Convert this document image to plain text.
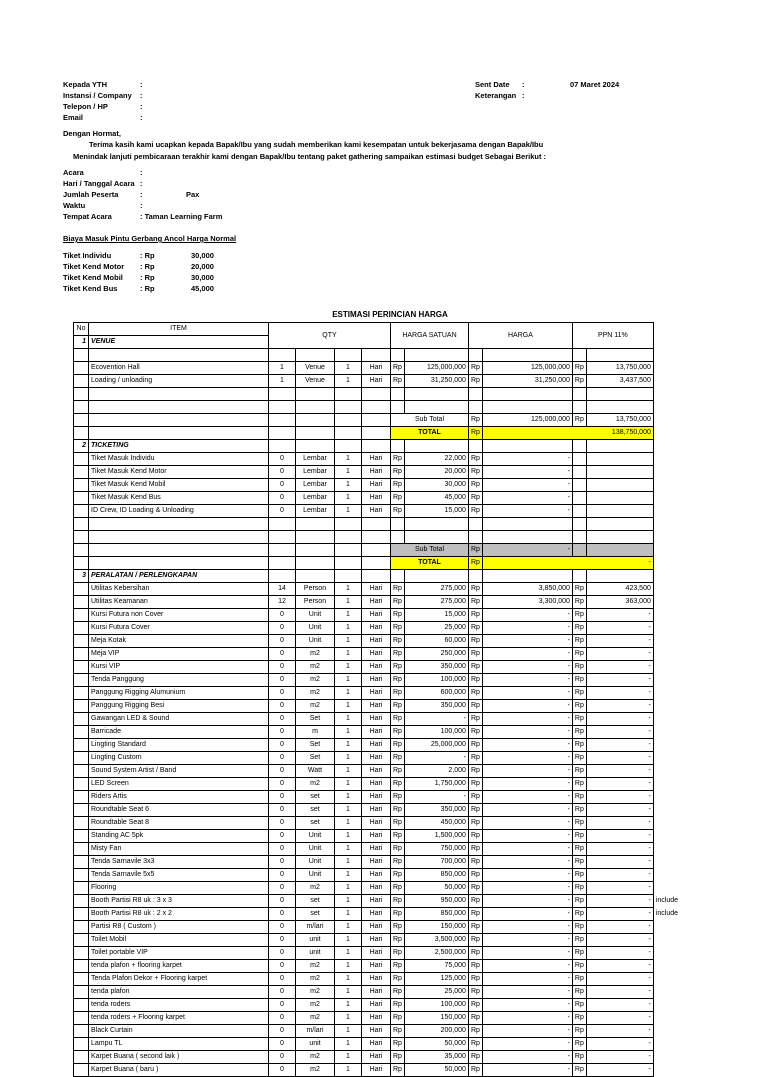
Kepada YTH	:
Instansi / Company :
Telepon / HP	:
Email	:
Sent Date :	07 Maret 2024
Keterangan :
Dengan Hormat,
Terima kasih kami ucapkan kepada Bapak/Ibu yang sudah memberikan kami kesempatan untuk bekerjasama dengan Bapak/Ibu
Menindak lanjuti pembicaraan terakhir kami dengan Bapak/Ibu tentang paket gathering sampaikan estimasi budget Sebagai Berikut :
Acara	:
Hari / Tanggal Acara :
Jumlah Peserta	:	Pax
Waktu	:
Tempat Acara	: Taman Learning Farm
Biaya Masuk Pintu Gerbang Ancol Harga Normal
Tiket Individu	: Rp	30,000
Tiket Kend Motor : Rp	20,000
Tiket Kend Mobil : Rp	30,000
Tiket Kend Bus	: Rp	45,000
ESTIMASI PERINCIAN HARGA
No	ITEM	QTY				HARGA SATUAN		HARGA		PPN 11%		
1	VENUE											

	Ecovention Hall	1	Venue	1	Hari	Rp	125,000,000	Rp	125,000,000	Rp	13,750,000	
	Loading / unloading	1	Venue	1	Hari	Rp	31,250,000	Rp	31,250,000	Rp	3,437,500	

						Sub Total		Rp	125,000,000	Rp	13,750,000	
						TOTAL		Rp	138,750,000			
2	TICKETING											
	Tiket Masuk Individu	0	Lembar	1	Hari	Rp	22,000	Rp	-			
	Tiket Masuk Kend Motor	0	Lembar	1	Hari	Rp	20,000	Rp	-			
	Tiket Masuk Kend Mobil	0	Lembar	1	Hari	Rp	30,000	Rp	-			
	Tiket Masuk Kend Bus	0	Lembar	1	Hari	Rp	45,000	Rp	-			
	ID Crew, ID Loading & Unloading	0	Lembar	1	Hari	Rp	15,000	Rp	-			

						Sub Total		Rp	-			
						TOTAL		Rp	-			
3	PERALATAN / PERLENGKAPAN											
	Utilitas Kebersihan	14	Person	1	Hari	Rp	275,000	Rp	3,850,000	Rp	423,500	
	Utilitas Keamanan	12	Person	1	Hari	Rp	275,000	Rp	3,300,000	Rp	363,000	
	Kursi Futura non Cover	0	Unit	1	Hari	Rp	15,000	Rp	-	Rp	-	
	Kursi Futura Cover	0	Unit	1	Hari	Rp	25,000	Rp	-	Rp	-	
	Meja Kotak	0	Unit	1	Hari	Rp	60,000	Rp	-	Rp	-	
	Meja VIP	0	m2	1	Hari	Rp	250,000	Rp	-	Rp	-	
	Kursi VIP	0	m2	1	Hari	Rp	350,000	Rp	-	Rp	-	
	Tenda Panggung	0	m2	1	Hari	Rp	100,000	Rp	-	Rp	-	
	Panggung Rigging Alumunium	0	m2	1	Hari	Rp	600,000	Rp	-	Rp	-	
	Panggung Rigging Besi	0	m2	1	Hari	Rp	350,000	Rp	-	Rp	-	
	Gawangan LED & Sound	0	Set	1	Hari	Rp	-	Rp	-	Rp	-	
	Barricade	0	m	1	Hari	Rp	100,000	Rp	-	Rp	-	
	Lingting Standard	0	Set	1	Hari	Rp	25,000,000	Rp	-	Rp	-	
	Lingting Custom	0	Set	1	Hari	Rp	-	Rp	-	Rp	-	
	Sound System Artist / Band	0	Watt	1	Hari	Rp	2,000	Rp	-	Rp	-	
	LED Screen	0	m2	1	Hari	Rp	1,750,000	Rp	-	Rp	-	
	Riders Artis	0	set	1	Hari	Rp	-	Rp	-	Rp	-	
	Roundtable Seat 6	0	set	1	Hari	Rp	350,000	Rp	-	Rp	-	
	Roundtable Seat 8	0	set	1	Hari	Rp	450,000	Rp	-	Rp	-	
	Standing AC 5pk	0	Unit	1	Hari	Rp	1,500,000	Rp	-	Rp	-	
	Misty Fan	0	Unit	1	Hari	Rp	750,000	Rp	-	Rp	-	
	Tenda Sarnavile 3x3	0	Unit	1	Hari	Rp	700,000	Rp	-	Rp	-	
	Tenda Sarnavile 5x5	0	Unit	1	Hari	Rp	850,000	Rp	-	Rp	-	
	Flooring	0	m2	1	Hari	Rp	50,000	Rp	-	Rp	-	
	Booth Partisi R8 uk : 3 x 3	0	set	1	Hari	Rp	950,000	Rp	-	Rp	-	include
	Booth Partisi R8 uk : 2 x 2	0	set	1	Hari	Rp	850,000	Rp	-	Rp	-	include
	Partisi R8 ( Custom )	0	m/lari	1	Hari	Rp	150,000	Rp	-	Rp	-	
	Toilet Mobil	0	unit	1	Hari	Rp	3,500,000	Rp	-	Rp	-	
	Toilet portable VIP	0	unit	1	Hari	Rp	2,500,000	Rp	-	Rp	-	
	tenda plafon + flooring karpet	0	m2	1	Hari	Rp	75,000	Rp	-	Rp	-	
	Tenda Plafon Dekor + Flooring karpet	0	m2	1	Hari	Rp	125,000	Rp	-	Rp	-	
	tenda plafon	0	m2	1	Hari	Rp	25,000	Rp	-	Rp	-	
	tenda roders	0	m2	1	Hari	Rp	100,000	Rp	-	Rp	-	
	tenda roders + Flooring karpet	0	m2	1	Hari	Rp	150,000	Rp	-	Rp	-	
	Black Curtain	0	m/lari	1	Hari	Rp	200,000	Rp	-	Rp	-	
	Lampu TL	0	unit	1	Hari	Rp	50,000	Rp	-	Rp	-	
	Karpet Buana ( second laik )	0	m2	1	Hari	Rp	35,000	Rp	-	Rp	-	
	Karpet Buana ( baru )	0	m2	1	Hari	Rp	50,000	Rp	-	Rp	-	
